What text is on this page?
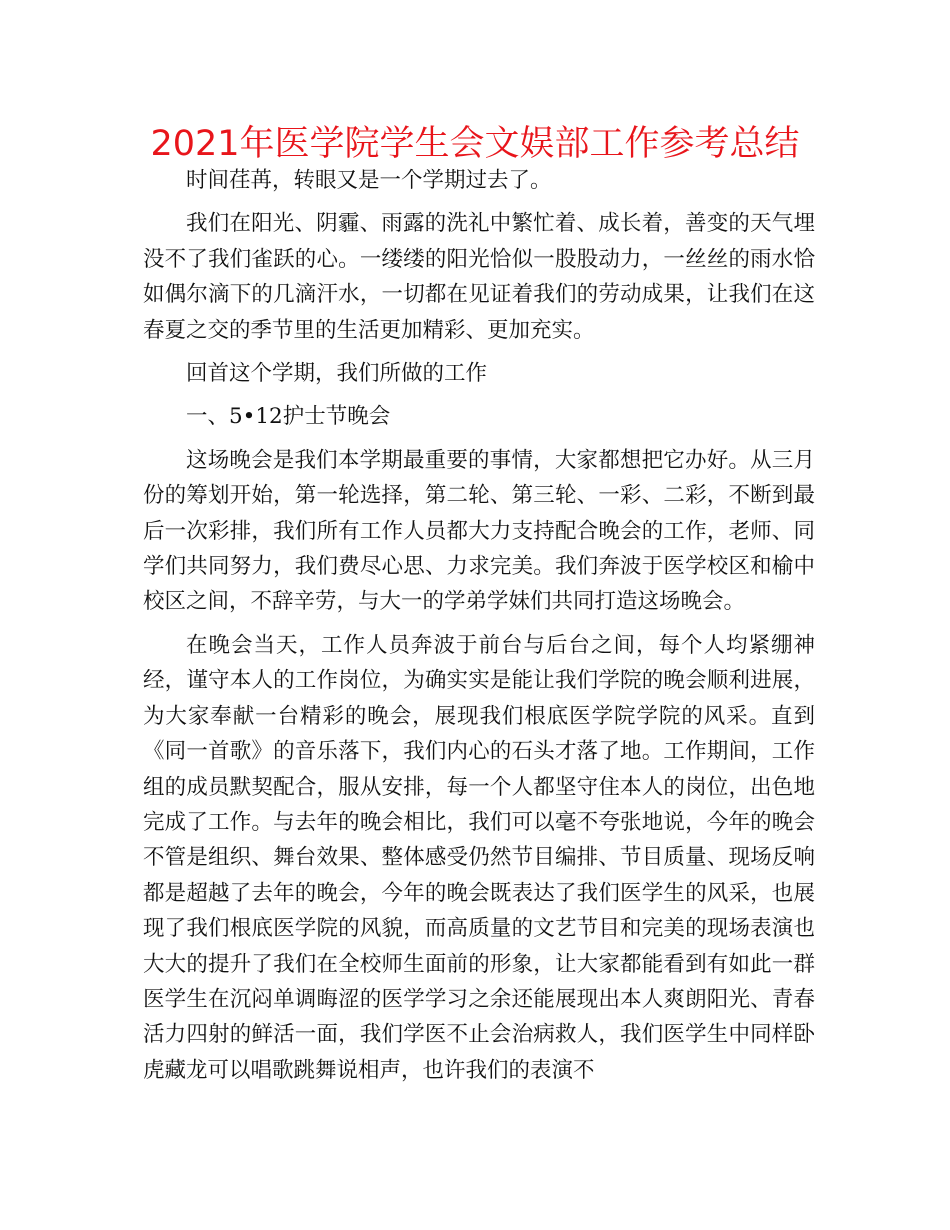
2021年医学院学生会文娱部工作参考总结

时间荏苒，转眼又是一个学期过去了。

我们在阳光、阴霾、雨露的洗礼中繁忙着、成长着，善变的天气埋没不了我们雀跃的心。一缕缕的阳光恰似一股股动力，一丝丝的雨水恰如偶尔滴下的几滴汗水，一切都在见证着我们的劳动成果，让我们在这春夏之交的季节里的生活更加精彩、更加充实。

回首这个学期，我们所做的工作

一、5•12护士节晚会

这场晚会是我们本学期最重要的事情，大家都想把它办好。从三月份的筹划开始，第一轮选择，第二轮、第三轮、一彩、二彩，不断到最后一次彩排，我们所有工作人员都大力支持配合晚会的工作，老师、同学们共同努力，我们费尽心思、力求完美。我们奔波于医学校区和榆中校区之间，不辞辛劳，与大一的学弟学妹们共同打造这场晚会。

在晚会当天，工作人员奔波于前台与后台之间，每个人均紧绷神经，谨守本人的工作岗位，为确实实是能让我们学院的晚会顺利进展，为大家奉献一台精彩的晚会，展现我们根底医学院学院的风采。直到《同一首歌》的音乐落下，我们内心的石头才落了地。工作期间，工作组的成员默契配合，服从安排，每一个人都坚守住本人的岗位，出色地完成了工作。与去年的晚会相比，我们可以毫不夸张地说，今年的晚会不管是组织、舞台效果、整体感受仍然节目编排、节目质量、现场反响都是超越了去年的晚会，今年的晚会既表达了我们医学生的风采，也展现了我们根底医学院的风貌，而高质量的文艺节目和完美的现场表演也大大的提升了我们在全校师生面前的形象，让大家都能看到有如此一群医学生在沉闷单调晦涩的医学学习之余还能展现出本人爽朗阳光、青春活力四射的鲜活一面，我们学医不止会治病救人，我们医学生中同样卧虎藏龙可以唱歌跳舞说相声，也许我们的表演不
